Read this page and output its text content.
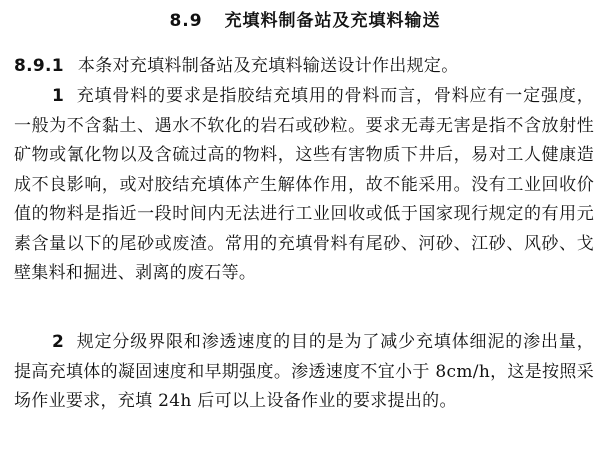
8.9 充填料制备站及充填料输送
8.9.1 本条对充填料制备站及充填料输送设计作出规定。

1 充填骨料的要求是指胶结充填用的骨料而言，骨料应有一定强度，一般为不含黏土、遇水不软化的岩石或砂粒。要求无毒无害是指不含放射性矿物或氰化物以及含硫过高的物料，这些有害物质下井后，易对工人健康造成不良影响，或对胶结充填体产生解体作用，故不能采用。没有工业回收价值的物料是指近一段时间内无法进行工业回收或低于国家现行规定的有用元素含量以下的尾砂或废渣。常用的充填骨料有尾砂、河砂、江砂、风砂、戈壁集料和掘进、剥离的废石等。

2 规定分级界限和渗透速度的目的是为了减少充填体细泥的渗出量，提高充填体的凝固速度和早期强度。渗透速度不宜小于 8cm/h，这是按照采场作业要求，充填 24h 后可以上设备作业的要求提出的。
